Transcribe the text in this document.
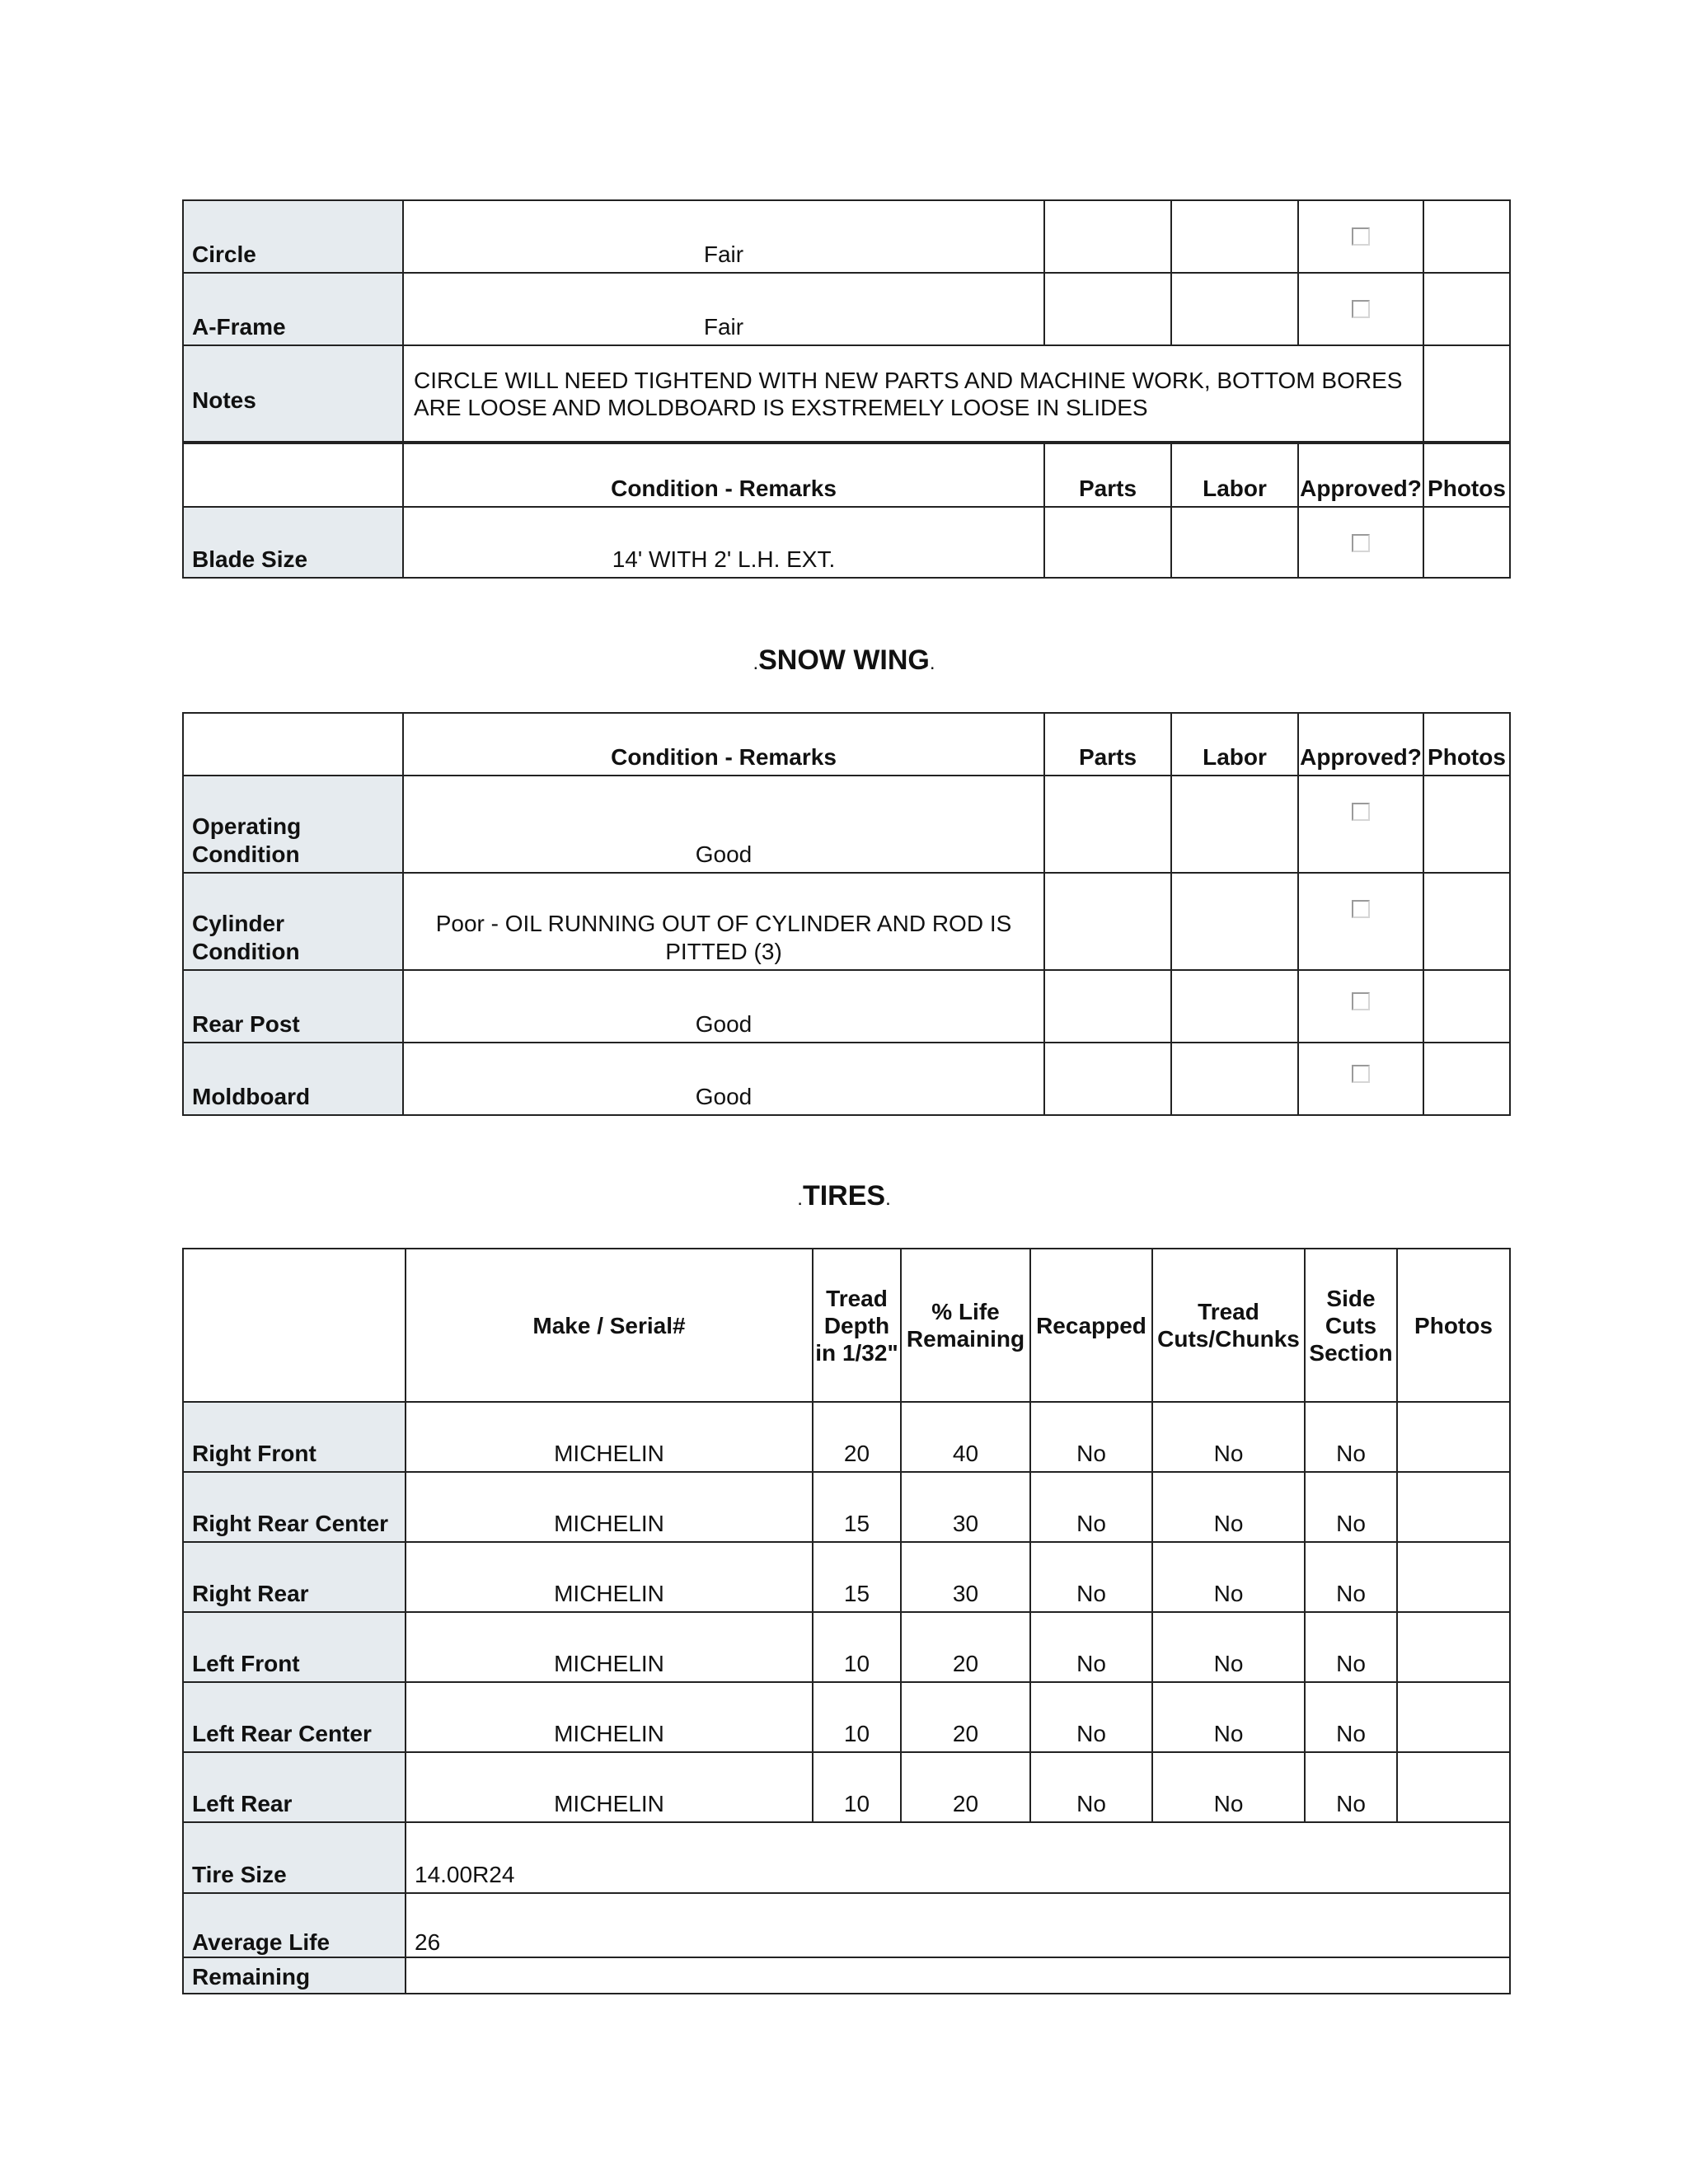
Circle	Fair				
A-Frame	Fair				
Notes	CIRCLE WILL NEED TIGHTEND WITH NEW PARTS AND MACHINE WORK, BOTTOM BORES ARE LOOSE AND MOLDBOARD IS EXSTREMELY LOOSE IN SLIDES				
	Condition - Remarks	Parts	Labor	Approved?	Photos
Blade Size	14' WITH 2' L.H. EXT.				
.SNOW WING.
	Condition - Remarks	Parts	Labor	Approved?	Photos
Operating Condition	Good				
Cylinder Condition	Poor - OIL RUNNING OUT OF CYLINDER AND ROD IS PITTED (3)				
Rear Post	Good				
Moldboard	Good				
.TIRES.
	Make / Serial#	Tread Depth in 1/32"	% Life Remaining	Recapped	Tread Cuts/Chunks	Side Cuts Section	Photos
Right Front	MICHELIN	20	40	No	No	No	
Right Rear Center	MICHELIN	15	30	No	No	No	
Right Rear	MICHELIN	15	30	No	No	No	
Left Front	MICHELIN	10	20	No	No	No	
Left Rear Center	MICHELIN	10	20	No	No	No	
Left Rear	MICHELIN	10	20	No	No	No	
Tire Size	14.00R24						
Average Life	26						
Remaining							
